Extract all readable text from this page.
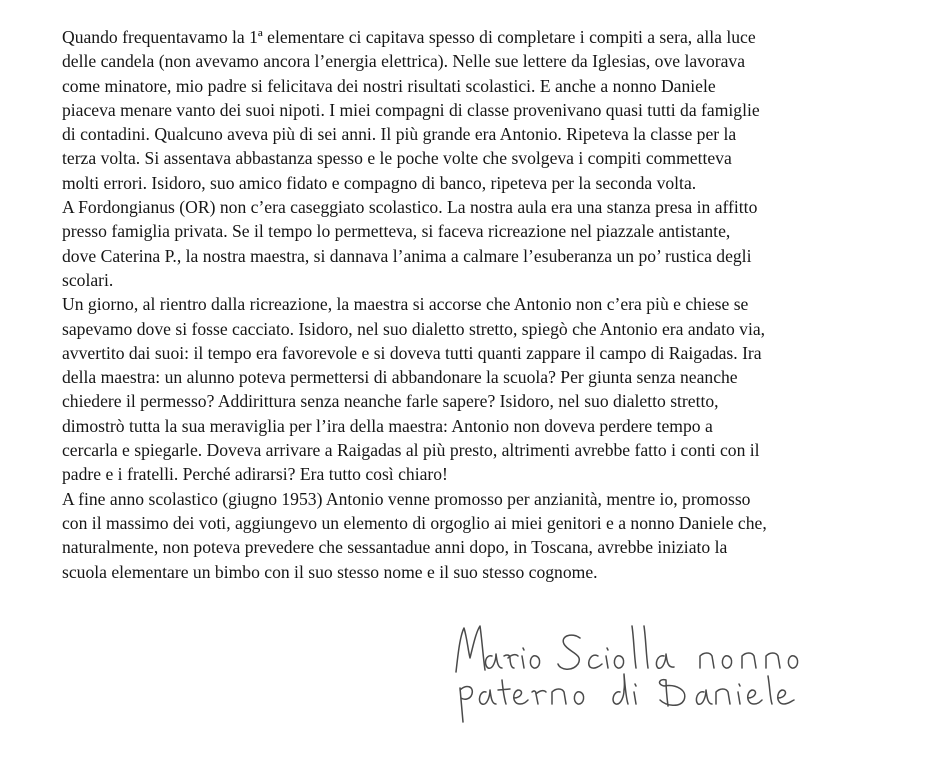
Quando frequentavamo la 1ª elementare ci capitava spesso di completare i compiti a sera, alla luce
delle candela (non avevamo ancora l’energia elettrica). Nelle sue lettere da Iglesias, ove lavorava
come minatore, mio padre si felicitava dei nostri risultati scolastici. E anche a nonno Daniele
piaceva menare vanto dei suoi nipoti. I miei compagni di classe provenivano quasi tutti da famiglie
di contadini. Qualcuno aveva più di sei anni. Il più grande era Antonio. Ripeteva la classe per la
terza volta. Si assentava abbastanza spesso e le poche volte che svolgeva i compiti commetteva
molti errori. Isidoro, suo amico fidato e compagno di banco, ripeteva per la seconda volta.
A Fordongianus (OR) non c’era caseggiato scolastico. La nostra aula era una stanza presa in affitto
presso famiglia privata. Se il tempo lo permetteva, si faceva ricreazione nel piazzale antistante,
dove Caterina P., la nostra maestra, si dannava l’anima a calmare l’esuberanza un po’ rustica degli
scolari.
Un giorno, al rientro dalla ricreazione, la maestra si accorse che Antonio non c’era più e chiese se
sapevamo dove si fosse cacciato. Isidoro, nel suo dialetto stretto, spiegò che Antonio era andato via,
avvertito dai suoi: il tempo era favorevole e si doveva tutti quanti zappare il campo di Raigadas. Ira
della maestra: un alunno poteva permettersi di abbandonare la scuola? Per giunta senza neanche
chiedere il permesso? Addirittura senza neanche farle sapere? Isidoro, nel suo dialetto stretto,
dimostrò tutta la sua meraviglia per l’ira della maestra: Antonio non doveva perdere tempo a
cercarla e spiegarle. Doveva arrivare a Raigadas al più presto, altrimenti avrebbe fatto i conti con il
padre e i fratelli. Perché adirarsi? Era tutto così chiaro!
A fine anno scolastico (giugno 1953) Antonio venne promosso per anzianità, mentre io, promosso
con il massimo dei voti, aggiungevo un elemento di orgoglio ai miei genitori e a nonno Daniele che,
naturalmente, non poteva prevedere che sessantadue anni dopo, in Toscana, avrebbe iniziato la
scuola elementare un bimbo con il suo stesso nome e il suo stesso cognome.
